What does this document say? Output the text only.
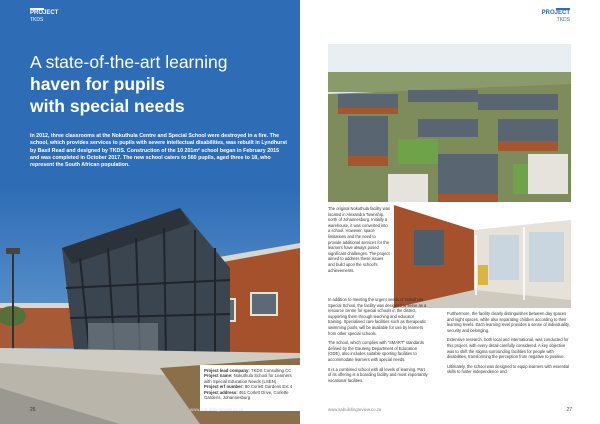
PROJECT
TKDS
A state-of-the-art learning
haven for pupils
with special needs

In 2012, three classrooms at the Nokuthula Centre and Special School were destroyed in a fire. The school, which provides services to pupils with severe intellectual disabilities, was rebuilt in Lyndhurst by Basil Read and designed by TKDS. Construction of the 10 201m² school began in February 2015 and was completed in October 2017. The new school caters to 560 pupils, aged three to 18, who represent the South African population.

Project lead company: TKDS Consulting CC
Project name: Nokuthula School for Learners with Special Education Needs (LSEN)
Project erf number: 80 Corlett Gardens Ext 4
Project address: 461 Corlett Drive, Corlette Gardens, Johannesburg
26	www.sabuildingreview.co.za
PROJECT
TKDS

The original Nokuthula facility was located in Alexandra Township, north of Johannesburg. Initially a warehouse, it was converted into a school. However, space limitations and the need to provide additional services for the learners have always posed significant challenges. The project aimed to address these issues and build upon the school's achievements.

In addition to meeting the urgent needs of Nokuthula Special School, the facility was designed to serve as a resource centre for special schools in the district, supporting them through teaching and educator training. Specialised care facilities such as therapeutic swimming pools, will be available for use by learners from other special schools.

The school, which complies with "SMART" standards defined by the Gauteng Department of Education (GDE), also includes suitable sporting facilities to accommodate learners with special needs.

It is a combined school with all levels of learning. Part of its offering is a boarding facility and most importantly vocational facilities.

Furthermore, the facility clearly distinguishes between day spaces and night spaces, while also separating children according to their learning levels. Each learning level provides a sense of individuality, security and belonging.

Extensive research, both local and international, was conducted for this project, with every detail carefully considered. A key objective was to shift the stigma surrounding facilities for people with disabilities, transforming the perception from negative to positive.

Ultimately, the school was designed to equip learners with essential skills to foster independence and

www.sabuildingreview.co.za	27
